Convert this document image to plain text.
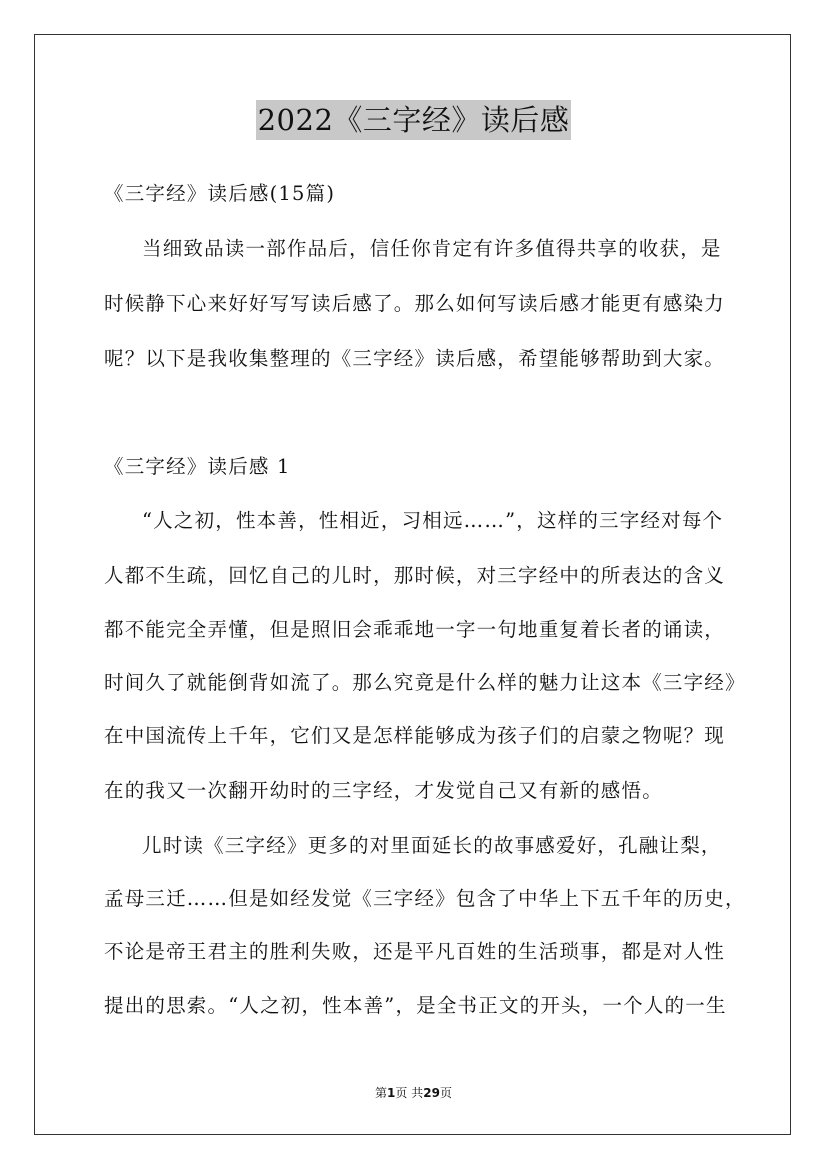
2022《三字经》读后感
《三字经》读后感(15篇)
当细致品读一部作品后，信任你肯定有许多值得共享的收获，是
时候静下心来好好写写读后感了。那么如何写读后感才能更有感染力
呢？以下是我收集整理的《三字经》读后感，希望能够帮助到大家。
《三字经》读后感 1
“人之初，性本善，性相近，习相远……”，这样的三字经对每个
人都不生疏，回忆自己的儿时，那时候，对三字经中的所表达的含义
都不能完全弄懂，但是照旧会乖乖地一字一句地重复着长者的诵读，
时间久了就能倒背如流了。那么究竟是什么样的魅力让这本《三字经》
在中国流传上千年，它们又是怎样能够成为孩子们的启蒙之物呢？现
在的我又一次翻开幼时的三字经，才发觉自己又有新的感悟。
儿时读《三字经》更多的对里面延长的故事感爱好，孔融让梨，
孟母三迁……但是如经发觉《三字经》包含了中华上下五千年的历史，
不论是帝王君主的胜利失败，还是平凡百姓的生活琐事，都是对人性
提出的思索。“人之初，性本善”，是全书正文的开头，一个人的一生
第1页 共29页
